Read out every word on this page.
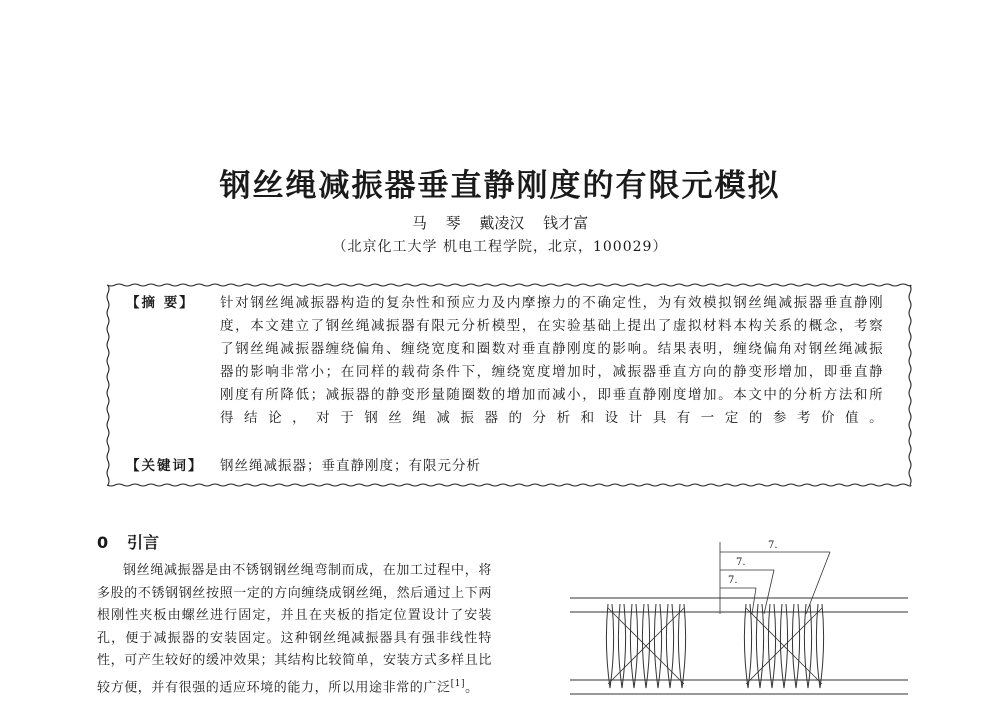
钢丝绳减振器垂直静刚度的有限元模拟
马 琴 戴凌汉 钱才富
（北京化工大学 机电工程学院，北京，100029）
【摘 要】	针对钢丝绳减振器构造的复杂性和预应力及内摩擦力的不确定性，为有效模拟钢丝绳减振器垂直静刚度，本文建立了钢丝绳减振器有限元分析模型，在实验基础上提出了虚拟材料本构关系的概念，考察了钢丝绳减振器缠绕偏角、缠绕宽度和圈数对垂直静刚度的影响。结果表明，缠绕偏角对钢丝绳减振器的影响非常小；在同样的载荷条件下，缠绕宽度增加时，减振器垂直方向的静变形增加，即垂直静刚度有所降低；减振器的静变形量随圈数的增加而减小，即垂直静刚度增加。本文中的分析方法和所得结论，对于钢丝绳减振器的分析和设计具有一定的参考价值。
【关键词】	钢丝绳减振器；垂直静刚度；有限元分析
0 引言

钢丝绳减振器是由不锈钢钢丝绳弯制而成，在加工过程中，将多股的不锈钢钢丝按照一定的方向缠绕成钢丝绳，然后通过上下两根刚性夹板由螺丝进行固定，并且在夹板的指定位置设计了安装孔，便于减振器的安装固定。这种钢丝绳减振器具有强非线性特性，可产生较好的缓冲效果；其结构比较简单，安装方式多样且比较方便，并有很强的适应环境的能力，所以用途非常的广泛[1]。

7.
7.
7.
